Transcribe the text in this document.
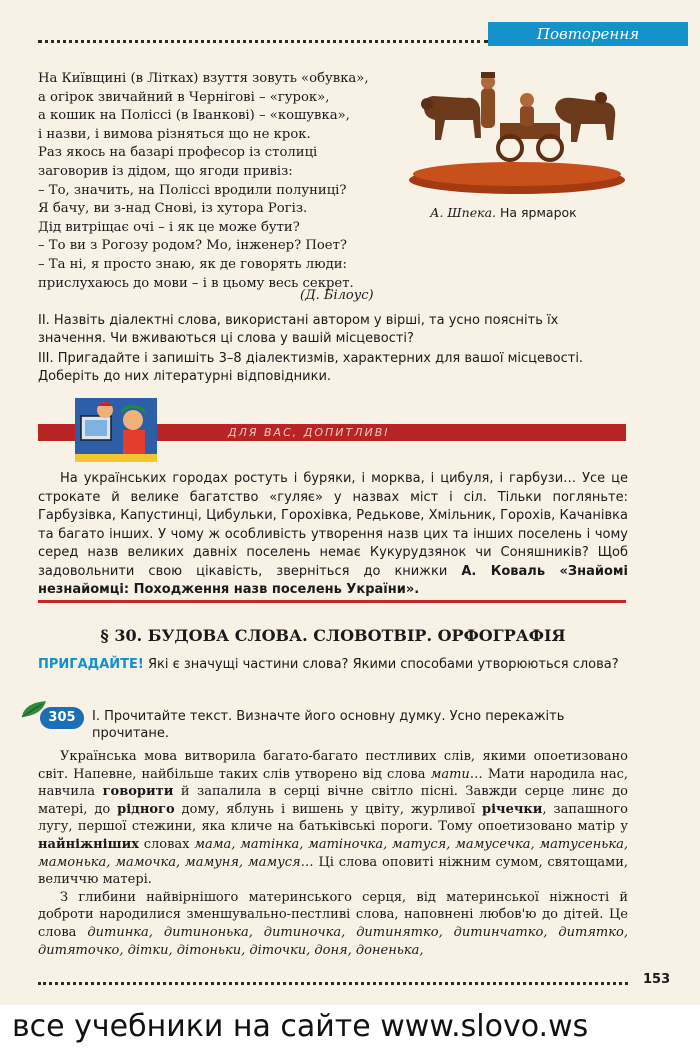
Повторення
На Київщині (в Літках) взуття зовуть «обувка»,
а огірок звичайний в Чернігові – «гурок»,
а кошик на Поліссі (в Іванкові) – «кошувка»,
і назви, і вимова різняться що не крок.
Раз якось на базарі професор із столиці
заговорив із дідом, що ягоди привіз:
– То, значить, на Поліссі вродили полуниці?
Я бачу, ви з-над Снові, із хутора Рогіз.
Дід витріщає очі – і як це може бути?
– То ви з Рогозу родом? Мо, інженер? Поет?
– Та ні, я просто знаю, як де говорять люди:
прислухаюсь до мови – і в цьому весь секрет.
(Д. Білоус)
А. Шпека. На ярмарок
II. Назвіть діалектні слова, використані автором у вірші, та усно поясніть їх значення. Чи вживаються ці слова у вашій місцевості?
III. Пригадайте і запишіть 3–8 діалектизмів, характерних для вашої місцевості. Доберіть до них літературні відповідники.
ДЛЯ ВАС, ДОПИТЛИВІ
На українських городах ростуть і буряки, і морква, і цибуля, і гарбузи… Усе це строкате й велике багатство «гуляє» у назвах міст і сіл. Тільки погляньте: Гарбузівка, Капустинці, Цибульки, Горохівка, Редькове, Хмільник, Горохів, Качанівка та багато інших. У чому ж особливість утворення назв цих та інших поселень і чому серед назв великих давніх поселень немає Кукурудзянок чи Соняшників? Щоб задовольнити свою цікавість, зверніться до книжки А. Коваль «Знайомі незнайомці: Походження назв поселень України».
§ 30. БУДОВА СЛОВА. СЛОВОТВІР. ОРФОГРАФІЯ
ПРИГАДАЙТЕ! Які є значущі частини слова? Якими способами утворюються слова?
305	I. Прочитайте текст. Визначте його основну думку. Усно перекажіть прочитане.

Українська мова витворила багато-багато пестливих слів, якими опоетизовано світ. Напевне, найбільше таких слів утворено від слова мати… Мати народила нас, навчила говорити й запалила в серці вічне світло пісні. Завжди серце линє до матері, до рідного дому, яблунь і вишень у цвіту, журливої річечки, запашного лугу, першої стежини, яка кличе на батьківські пороги. Тому опоетизовано матір у найніжніших словах мама, матінка, матіночка, матуся, мамусечка, матусенька, мамонька, мамочка, мамуня, мамуся… Ці слова оповиті ніжним сумом, святощами, величчю матері.

З глибини найвірнішого материнського серця, від материнської ніжності й доброти народилися зменшувально-пестливі слова, наповнені любов'ю до дітей. Це слова дитинка, дитинонька, дитиночка, дитинятко, дитинчатко, дитятко, дитяточко, дітки, дітоньки, діточки, доня, доненька,

153
все учебники на сайте www.slovo.ws
